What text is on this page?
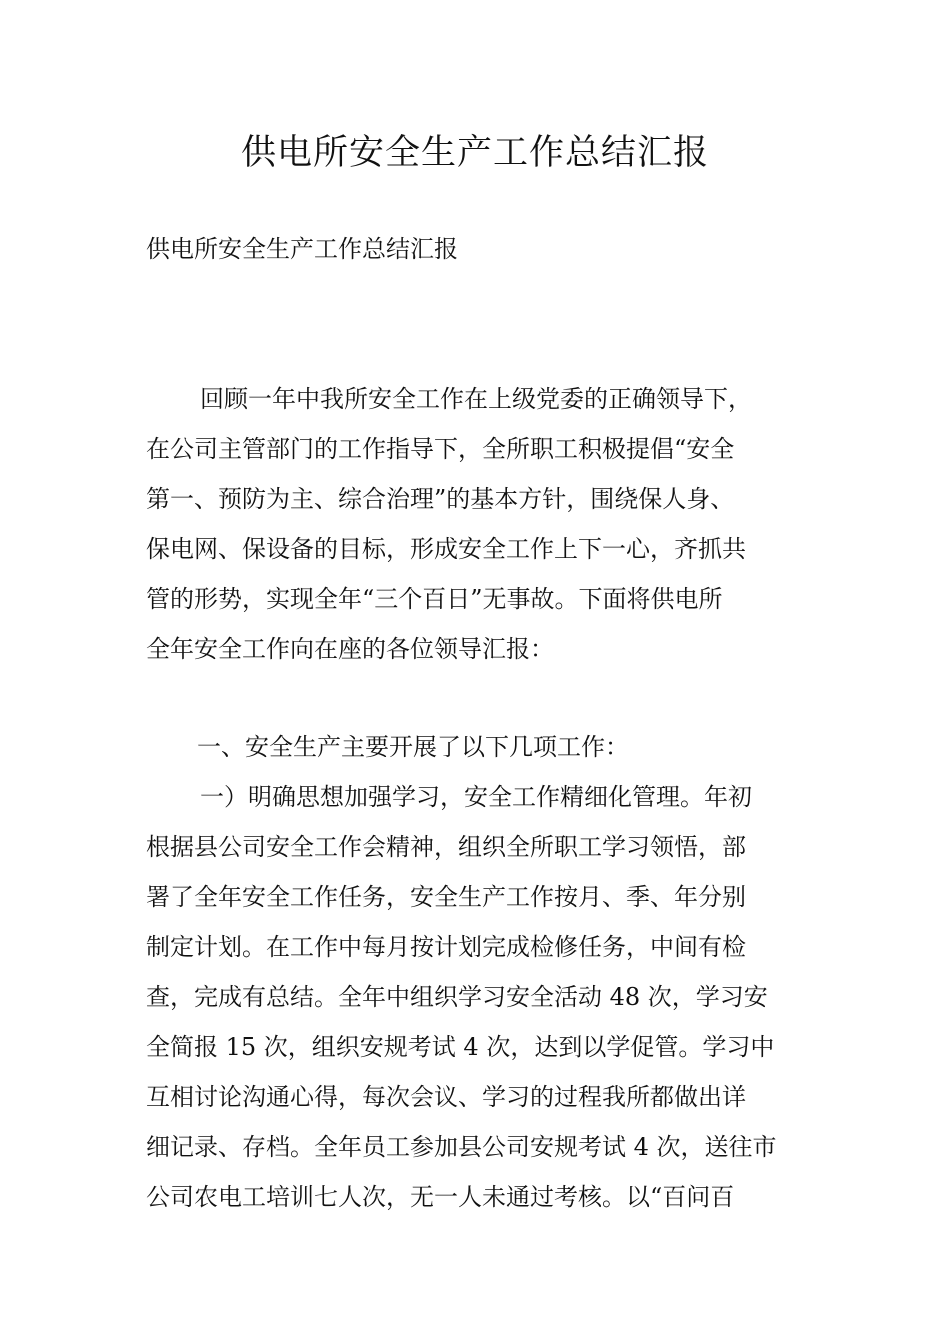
供电所安全生产工作总结汇报
供电所安全生产工作总结汇报
回顾一年中我所安全工作在上级党委的正确领导下，
在公司主管部门的工作指导下，全所职工积极提倡“安全
第一、预防为主、综合治理”的基本方针，围绕保人身、
保电网、保设备的目标，形成安全工作上下一心，齐抓共
管的形势，实现全年“三个百日”无事故。下面将供电所
全年安全工作向在座的各位领导汇报：
一、安全生产主要开展了以下几项工作：
一）明确思想加强学习，安全工作精细化管理。年初
根据县公司安全工作会精神，组织全所职工学习领悟，部
署了全年安全工作任务，安全生产工作按月、季、年分别
制定计划。在工作中每月按计划完成检修任务，中间有检
查，完成有总结。全年中组织学习安全活动 48 次，学习安
全简报 15 次，组织安规考试 4 次，达到以学促管。学习中
互相讨论沟通心得，每次会议、学习的过程我所都做出详
细记录、存档。全年员工参加县公司安规考试 4 次，送往市
公司农电工培训七人次，无一人未通过考核。以“百问百
